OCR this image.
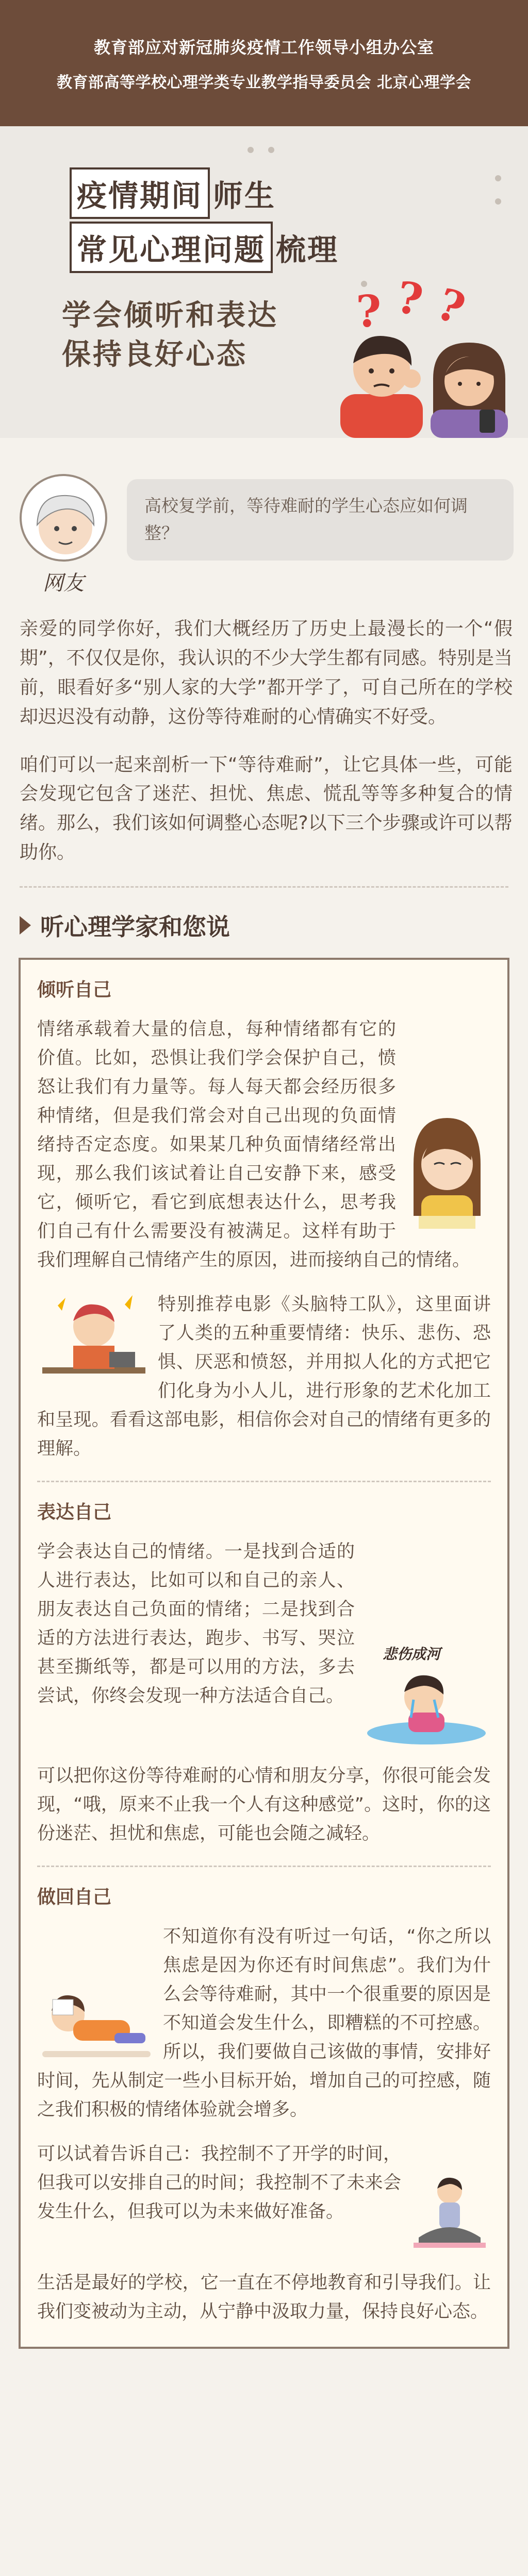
教育部应对新冠肺炎疫情工作领导小组办公室
教育部高等学校心理学类专业教学指导委员会 北京心理学会
疫情期间 师生
常见心理问题 梳理
学会倾听和表达
保持良好心态
? ? ?
网友
高校复学前，等待难耐的学生心态应如何调整？
亲爱的同学你好，我们大概经历了历史上最漫长的一个“假期”，不仅仅是你，我认识的不少大学生都有同感。特别是当前，眼看好多“别人家的大学”都开学了，可自己所在的学校却迟迟没有动静，这份等待难耐的心情确实不好受。
咱们可以一起来剖析一下“等待难耐”，让它具体一些，可能会发现它包含了迷茫、担忧、焦虑、慌乱等等多种复合的情绪。那么，我们该如何调整心态呢?以下三个步骤或许可以帮助你。
听心理学家和您说
倾听自己
情绪承载着大量的信息，每种情绪都有它的价值。比如，恐惧让我们学会保护自己，愤怒让我们有力量等。每人每天都会经历很多种情绪，但是我们常会对自己出现的负面情绪持否定态度。如果某几种负面情绪经常出现，那么我们该试着让自己安静下来，感受它，倾听它，看它到底想表达什么，思考我们自己有什么需要没有被满足。这样有助于我们理解自己情绪产生的原因，进而接纳自己的情绪。
特别推荐电影《头脑特工队》，这里面讲了人类的五种重要情绪：快乐、悲伤、恐惧、厌恶和愤怒，并用拟人化的方式把它们化身为小人儿，进行形象的艺术化加工和呈现。看看这部电影，相信你会对自己的情绪有更多的理解。
表达自己
悲伤成河
学会表达自己的情绪。一是找到合适的人进行表达，比如可以和自己的亲人、朋友表达自己负面的情绪；二是找到合适的方法进行表达，跑步、书写、哭泣甚至撕纸等，都是可以用的方法，多去尝试，你终会发现一种方法适合自己。
可以把你这份等待难耐的心情和朋友分享，你很可能会发现，“哦，原来不止我一个人有这种感觉”。这时，你的这份迷茫、担忧和焦虑，可能也会随之减轻。
做回自己
不知道你有没有听过一句话，“你之所以焦虑是因为你还有时间焦虑”。我们为什么会等待难耐，其中一个很重要的原因是不知道会发生什么，即糟糕的不可控感。所以，我们要做自己该做的事情，安排好时间，先从制定一些小目标开始，增加自己的可控感，随之我们积极的情绪体验就会增多。
可以试着告诉自己：我控制不了开学的时间，但我可以安排自己的时间；我控制不了未来会发生什么，但我可以为未来做好准备。
生活是最好的学校，它一直在不停地教育和引导我们。让我们变被动为主动，从宁静中汲取力量，保持良好心态。
